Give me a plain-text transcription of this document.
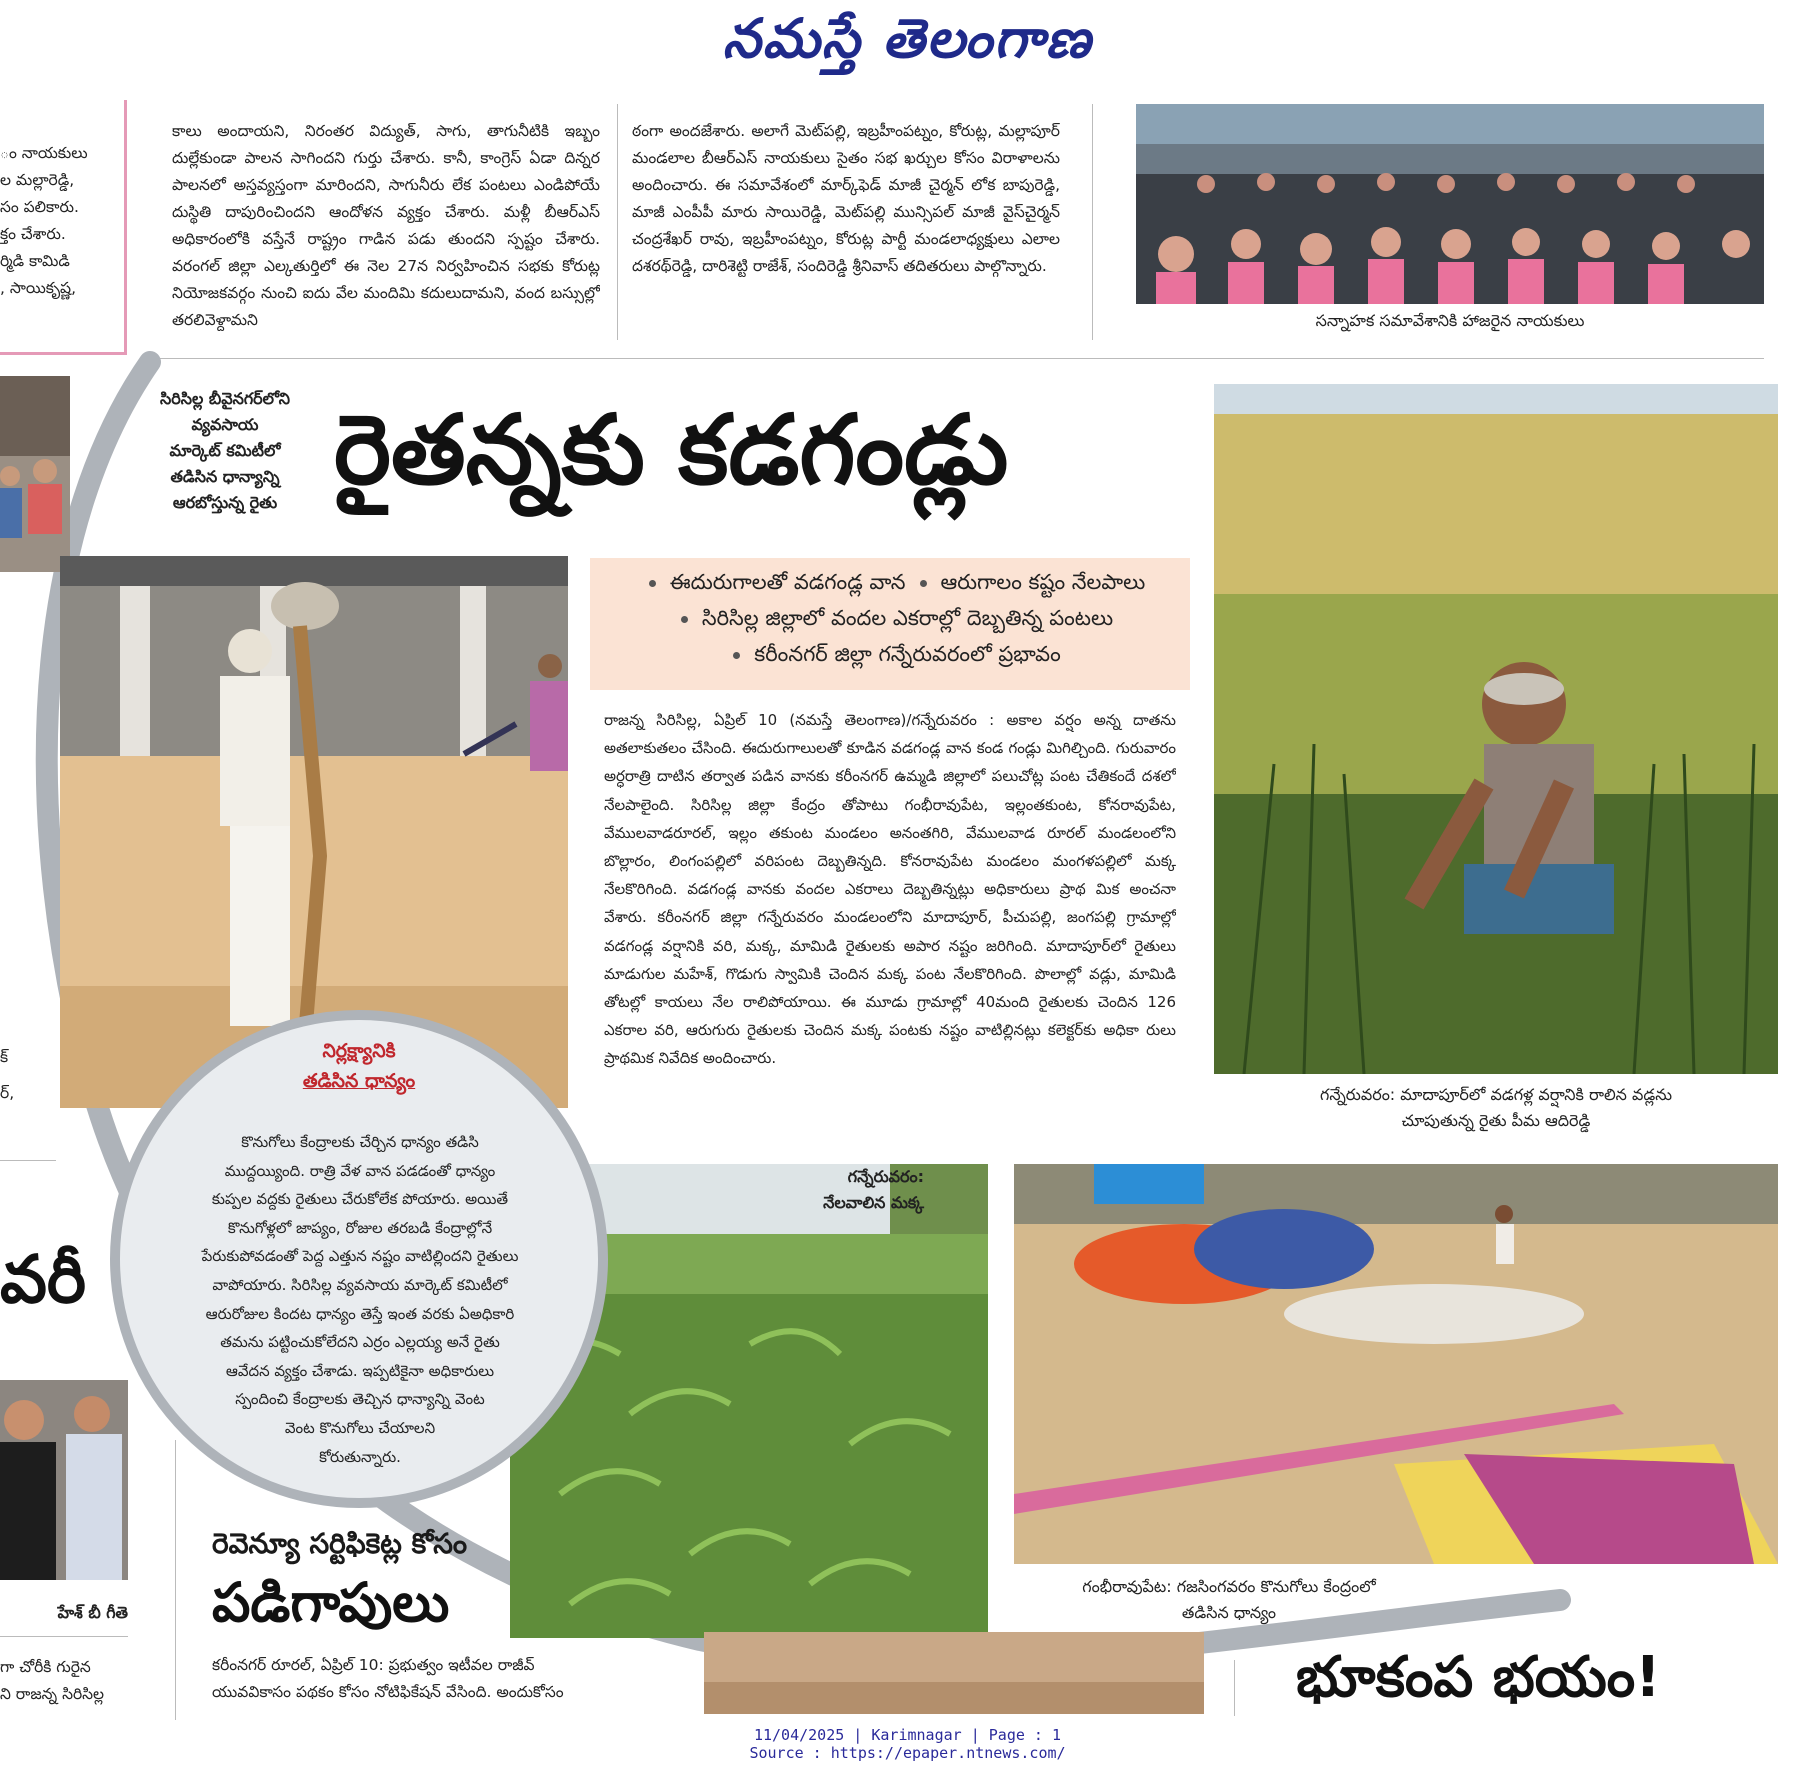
నమస్తే తెలంగాణ
ం నాయకులు
ల మల్లారెడ్డి,
సం పలికారు.
క్తం చేశారు.
ర్మిడి కామిడి
, సాయికృష్ణ,
కాలు అందాయని, నిరంతర విద్యుత్, సాగు, తాగునీటికి ఇబ్బం దుల్లేకుండా పాలన సాగిందని గుర్తు చేశారు. కానీ, కాంగ్రెస్ ఏడా దిన్నర పాలనలో అస్తవ్యస్తంగా మారిందని, సాగునీరు లేక పంటలు ఎండిపోయే దుస్థితి దాపురించిందని ఆందోళన వ్యక్తం చేశారు. మళ్లీ బీఆర్ఎస్ అధికారంలోకి వస్తేనే రాష్ట్రం గాడిన పడు తుందని స్పష్టం చేశారు. వరంగల్ జిల్లా ఎల్కతుర్తిలో ఈ నెల 27న నిర్వహించిన సభకు కోరుట్ల నియోజకవర్గం నుంచి ఐదు వేల మందిమి కదులుదామని, వంద బస్సుల్లో తరలివెళ్దామని
ఠంగా అందజేశారు. అలాగే మెట్‌పల్లి, ఇబ్రహీంపట్నం, కోరుట్ల, మల్లాపూర్ మండలాల బీఆర్ఎస్ నాయకులు సైతం సభ ఖర్చుల కోసం విరాళాలను అందించారు. ఈ సమావేశంలో మార్క్‌ఫెడ్ మాజీ చైర్మన్ లోక బాపురెడ్డి, మాజీ ఎంపీపీ మారు సాయిరెడ్డి, మెట్‌పల్లి మున్సిపల్ మాజీ వైస్‌చైర్మన్ చంద్రశేఖర్ రావు, ఇబ్రహీంపట్నం, కోరుట్ల పార్టీ మండలాధ్యక్షులు ఎలాల దశరథ్‌రెడ్డి, దారిశెట్టి రాజేశ్, సందిరెడ్డి శ్రీనివాస్ తదితరులు పాల్గొన్నారు.
సన్నాహక సమావేశానికి హాజరైన నాయకులు
సిరిసిల్ల బీవైనగర్‌లోని
వ్యవసాయ
మార్కెట్ కమిటీలో
తడిసిన ధాన్యాన్ని
ఆరబోస్తున్న రైతు రైతన్నకు కడగండ్లు
ఈదురుగాలతో వడగండ్ల వాన ఆరుగాలం కష్టం నేలపాలు
సిరిసిల్ల జిల్లాలో వందల ఎకరాల్లో దెబ్బతిన్న పంటలు
కరీంనగర్ జిల్లా గన్నేరువరంలో ప్రభావం
రాజన్న సిరిసిల్ల, ఏప్రిల్ 10 (నమస్తే తెలంగాణ)/గన్నేరువరం : అకాల వర్షం అన్న దాతను అతలాకుతలం చేసింది. ఈదురుగాలులతో కూడిన వడగండ్ల వాన కండ గండ్లు మిగిల్చింది. గురువారం అర్ధరాత్రి దాటిన తర్వాత పడిన వానకు కరీంనగర్ ఉమ్మడి జిల్లాలో పలుచోట్ల పంట చేతికందే దశలో నేలపాలైంది. సిరిసిల్ల జిల్లా కేంద్రం తోపాటు గంభీరావుపేట, ఇల్లంతకుంట, కోనరావుపేట, వేములవాడరూరల్, ఇల్లం తకుంట మండలం అనంతగిరి, వేములవాడ రూరల్ మండలంలోని బొల్లారం, లింగంపల్లిలో వరిపంట దెబ్బతిన్నది. కోనరావుపేట మండలం మంగళపల్లిలో మక్క నేలకొరిగింది. వడగండ్ల వానకు వందల ఎకరాలు దెబ్బతిన్నట్లు అధికారులు ప్రాథ మిక అంచనా వేశారు. కరీంనగర్ జిల్లా గన్నేరువరం మండలంలోని మాదాపూర్, పీచుపల్లి, జంగపల్లి గ్రామాల్లో వడగండ్ల వర్షానికి వరి, మక్క, మామిడి రైతులకు అపార నష్టం జరిగింది. మాదాపూర్‌లో రైతులు మాడుగుల మహేశ్, గొడుగు స్వామికి చెందిన మక్క పంట నేలకొరిగింది. పొలాల్లో వడ్లు, మామిడి తోటల్లో కాయలు నేల రాలిపోయాయి. ఈ మూడు గ్రామాల్లో 40మంది రైతులకు చెందిన 126 ఎకరాల వరి, ఆరుగురు రైతులకు చెందిన మక్క పంటకు నష్టం వాటిల్లినట్లు కలెక్టర్‌కు అధికా రులు ప్రాథమిక నివేదిక అందించారు.
గన్నేరువరం: మాదాపూర్‌లో వడగళ్ల వర్షానికి రాలిన వడ్లను
చూపుతున్న రైతు పీమ ఆదిరెడ్డి
గన్నేరువరం:
నేలవాలిన మక్క
గంభీరావుపేట: గజసింగవరం కొనుగోలు కేంద్రంలో
తడిసిన ధాన్యం
నిర్లక్ష్యానికి
తడిసిన ధాన్యం
కొనుగోలు కేంద్రాలకు చేర్చిన ధాన్యం తడిసి
ముద్దయ్యింది. రాత్రి వేళ వాన పడడంతో ధాన్యం
కుప్పల వద్దకు రైతులు చేరుకోలేక పోయారు. అయితే
కొనుగోళ్లలో జాప్యం, రోజుల తరబడి కేంద్రాల్లోనే
పేరుకుపోవడంతో పెద్ద ఎత్తున నష్టం వాటిల్లిందని రైతులు
వాపోయారు. సిరిసిల్ల వ్యవసాయ మార్కెట్ కమిటీలో
ఆరురోజుల కిందట ధాన్యం తెస్తే ఇంత వరకు ఏఅధికారి
తమను పట్టించుకోలేదని ఎర్రం ఎల్లయ్య అనే రైతు
ఆవేదన వ్యక్తం చేశాడు. ఇప్పటికైనా అధికారులు
స్పందించి కేంద్రాలకు తెచ్చిన ధాన్యాన్ని వెంట
వెంట కొనుగోలు చేయాలని
కోరుతున్నారు.
క్
ర్,
వరీ
హేశ్ బీ గీతె
గా చోరీకి గురైన
ని రాజన్న సిరిసిల్ల
రెవెన్యూ సర్టిఫికెట్ల కోసం
పడిగాపులు
కరీంనగర్ రూరల్, ఏప్రిల్ 10: ప్రభుత్వం ఇటీవల రాజీవ్
యువవికాసం పథకం కోసం నోటిఫికేషన్ వేసింది. అందుకోసం	భూకంప భయం!
11/04/2025 | Karimnagar | Page : 1
Source : https://epaper.ntnews.com/
